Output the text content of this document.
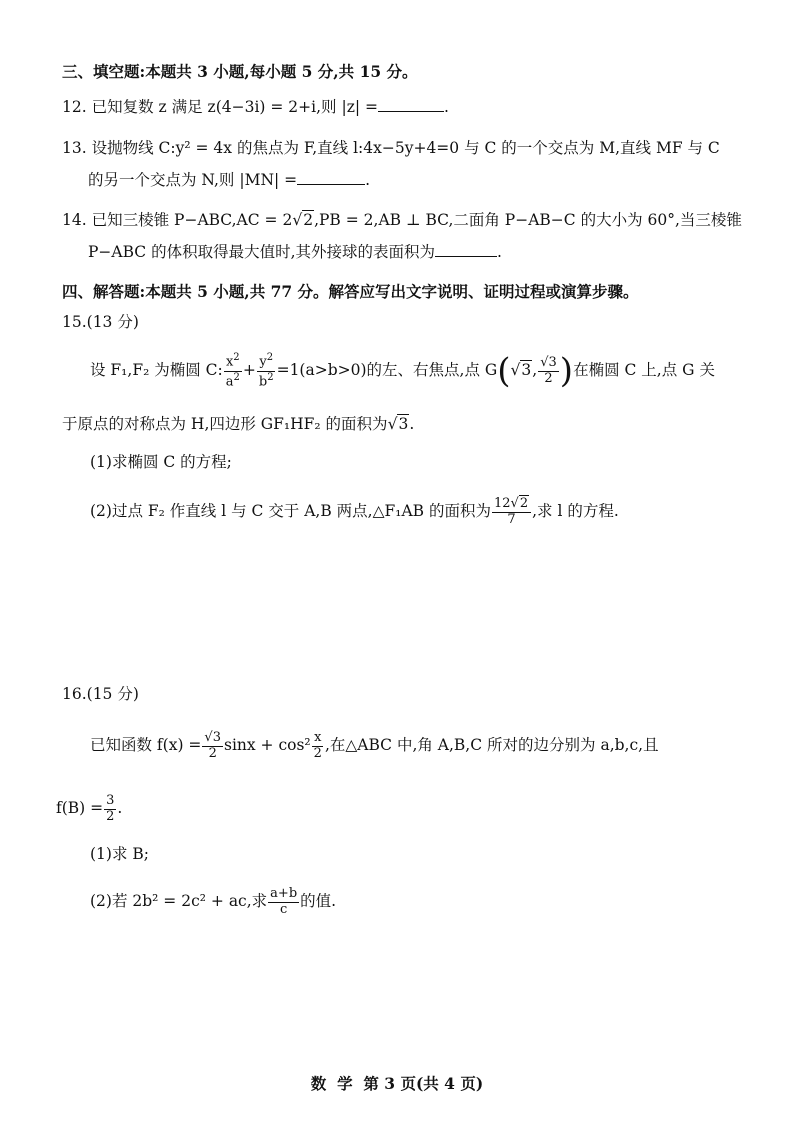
三、填空题:本题共 3 小题,每小题 5 分,共 15 分。
12. 已知复数 z 满足 z(4−3i) = 2+i,则 |z| =	.
13. 设抛物线 C:y² = 4x 的焦点为 F,直线 l:4x−5y+4=0 与 C 的一个交点为 M,直线 MF 与 C
的另一个交点为 N,则 |MN| =	.
14. 已知三棱锥 P−ABC,AC = 2√2,PB = 2,AB ⊥ BC,二面角 P−AB−C 的大小为 60°,当三棱锥
P−ABC 的体积取得最大值时,其外接球的表面积为	.
四、解答题:本题共 5 小题,共 77 分。解答应写出文字说明、证明过程或演算步骤。
15.(13 分)
设 F₁,F₂ 为椭圆 C: $\frac{x^2}{a^2} + \frac{y^2}{b^2} =1(a>b>0)$的左、右焦点,点 G(√3, $\frac{√3}{2}$ )在椭圆 C 上,点 G 关
于原点的对称点为 H,四边形 GF₁HF₂ 的面积为√3.
(1)求椭圆 C 的方程;
(2)过点 F₂ 作直线 l 与 C 交于 A,B 两点,△F₁AB 的面积为 $\frac{12√2}{7}$ ,求 l 的方程.
16.(15 分)
已知函数 $f(x) = \frac{√3}{2}$ $\sin x + \cos^2 \frac{x}{2}$ ,在△ABC 中,角 A,B,C 所对的边分别为 a,b,c,且
$f(B) = \frac{3}{2}$ .
(1)求 B;
(2)若 2b² = 2c² + ac,求 $\frac{a+b}{c}$ 的值.
数  学  第 3 页(共 4 页)
